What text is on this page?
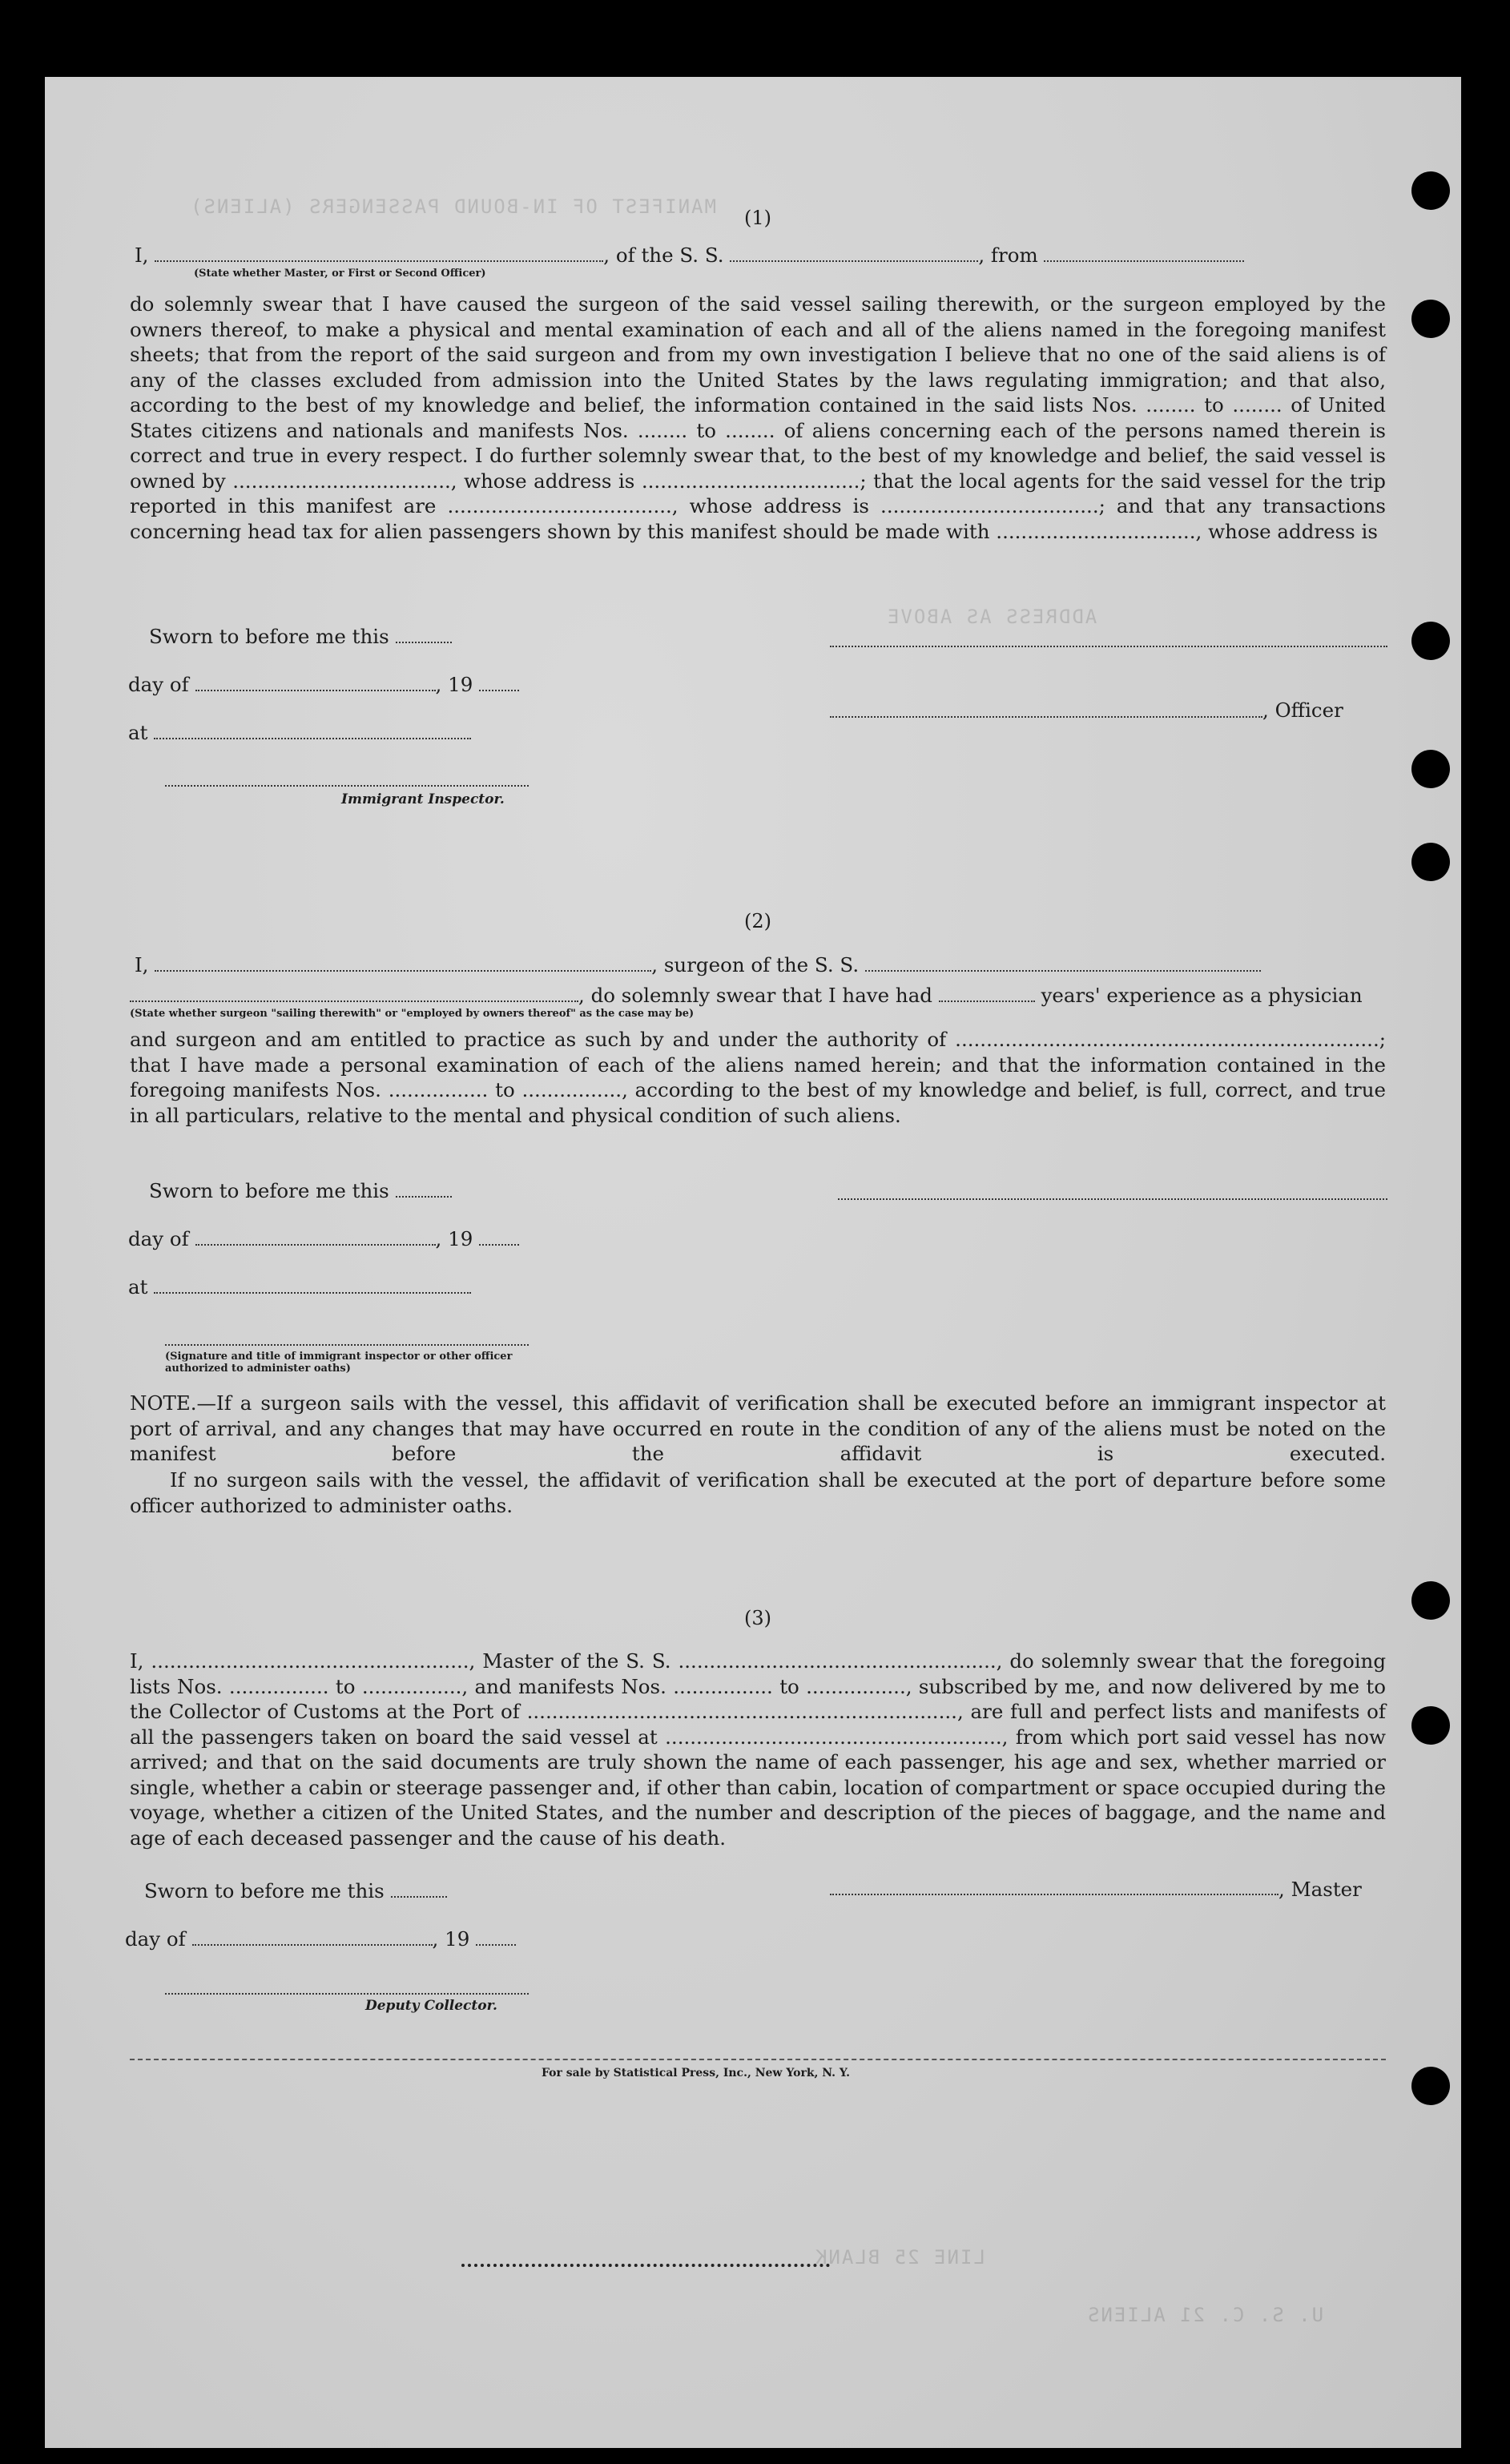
MANIFEST OF IN-BOUND PASSENGERS (ALIENS)
ADDRESS AS ABOVE
LINE 25 BLANK
U. S. C. 21 ALIENS
(1)
I,	, of the S. S.	, from
(State whether Master, or First or Second Officer)

do solemnly swear that I have caused the surgeon of the said vessel sailing therewith, or the surgeon employed by the owners thereof, to make a physical and mental examination of each and all of the aliens named in the foregoing manifest sheets; that from the report of the said surgeon and from my own investigation I believe that no one of the said aliens is of any of the classes excluded from admission into the United States by the laws regulating immigration; and that also, according to the best of my knowledge and belief, the information contained in the said lists Nos. ........ to ........ of United States citizens and nationals and manifests Nos. ........ to ........ of aliens concerning each of the persons named therein is correct and true in every respect. I do further solemnly swear that, to the best of my knowledge and belief, the said vessel is owned by ..................................., whose address is ...................................; that the local agents for the said vessel for the trip reported in this manifest are ...................................., whose address is ...................................; and that any transactions concerning head tax for alien passengers shown by this manifest should be made with ................................, whose address is

Sworn to before me this
day of	, 19
, Officer
at
Immigrant Inspector.
(2)
I,	, surgeon of the S. S.
, do solemnly swear that I have had	years' experience as a physician
(State whether surgeon "sailing therewith" or "employed by owners thereof" as the case may be)

and surgeon and am entitled to practice as such by and under the authority of ....................................................................; that I have made a personal examination of each of the aliens named herein; and that the information contained in the foregoing manifests Nos. ................ to ................, according to the best of my knowledge and belief, is full, correct, and true in all particulars, relative to the mental and physical condition of such aliens.

Sworn to before me this
day of	, 19
at
(Signature and title of immigrant inspector or other officer authorized to administer oaths)

NOTE.—If a surgeon sails with the vessel, this affidavit of verification shall be executed before an immigrant inspector at port of arrival, and any changes that may have occurred en route in the condition of any of the aliens must be noted on the manifest before the affidavit is executed.

If no surgeon sails with the vessel, the affidavit of verification shall be executed at the port of departure before some officer authorized to administer oaths.

(3)

I, ..................................................., Master of the S. S. ..................................................., do solemnly swear that the foregoing lists Nos. ................ to ................, and manifests Nos. ................ to ................, subscribed by me, and now delivered by me to the Collector of Customs at the Port of ....................................................................., are full and perfect lists and manifests of all the passengers taken on board the said vessel at ......................................................, from which port said vessel has now arrived; and that on the said documents are truly shown the name of each passenger, his age and sex, whether married or single, whether a cabin or steerage passenger and, if other than cabin, location of compartment or space occupied during the voyage, whether a citizen of the United States, and the number and description of the pieces of baggage, and the name and age of each deceased passenger and the cause of his death.

Sworn to before me this	, Master
day of	, 19
Deputy Collector.
For sale by Statistical Press, Inc., New York, N. Y.
